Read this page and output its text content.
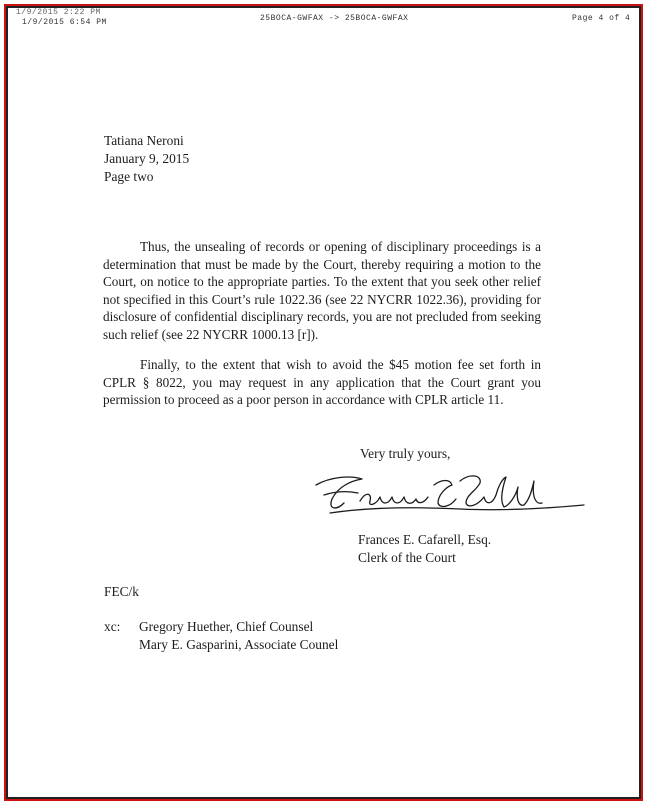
1/9/2015 2:22 PM
1/9/2015 6:54 PM	25BOCA-GWFAX -> 25BOCA-GWFAX	Page 4 of 4
Tatiana Neroni
January 9, 2015
Page two

Thus, the unsealing of records or opening of disciplinary proceedings is a determination that must be made by the Court, thereby requiring a motion to the Court, on notice to the appropriate parties. To the extent that you seek other relief not specified in this Court’s rule 1022.36 (see 22 NYCRR 1022.36), providing for disclosure of confidential disciplinary records, you are not precluded from seeking such relief (see 22 NYCRR 1000.13 [r]).

Finally, to the extent that wish to avoid the $45 motion fee set forth in CPLR § 8022, you may request in any application that the Court grant you permission to proceed as a poor person in accordance with CPLR article 11.

Very truly yours,
Frances E. Cafarell, Esq.
Clerk of the Court
FEC/k
xc:	Gregory Huether, Chief Counsel
Mary E. Gasparini, Associate Counel
